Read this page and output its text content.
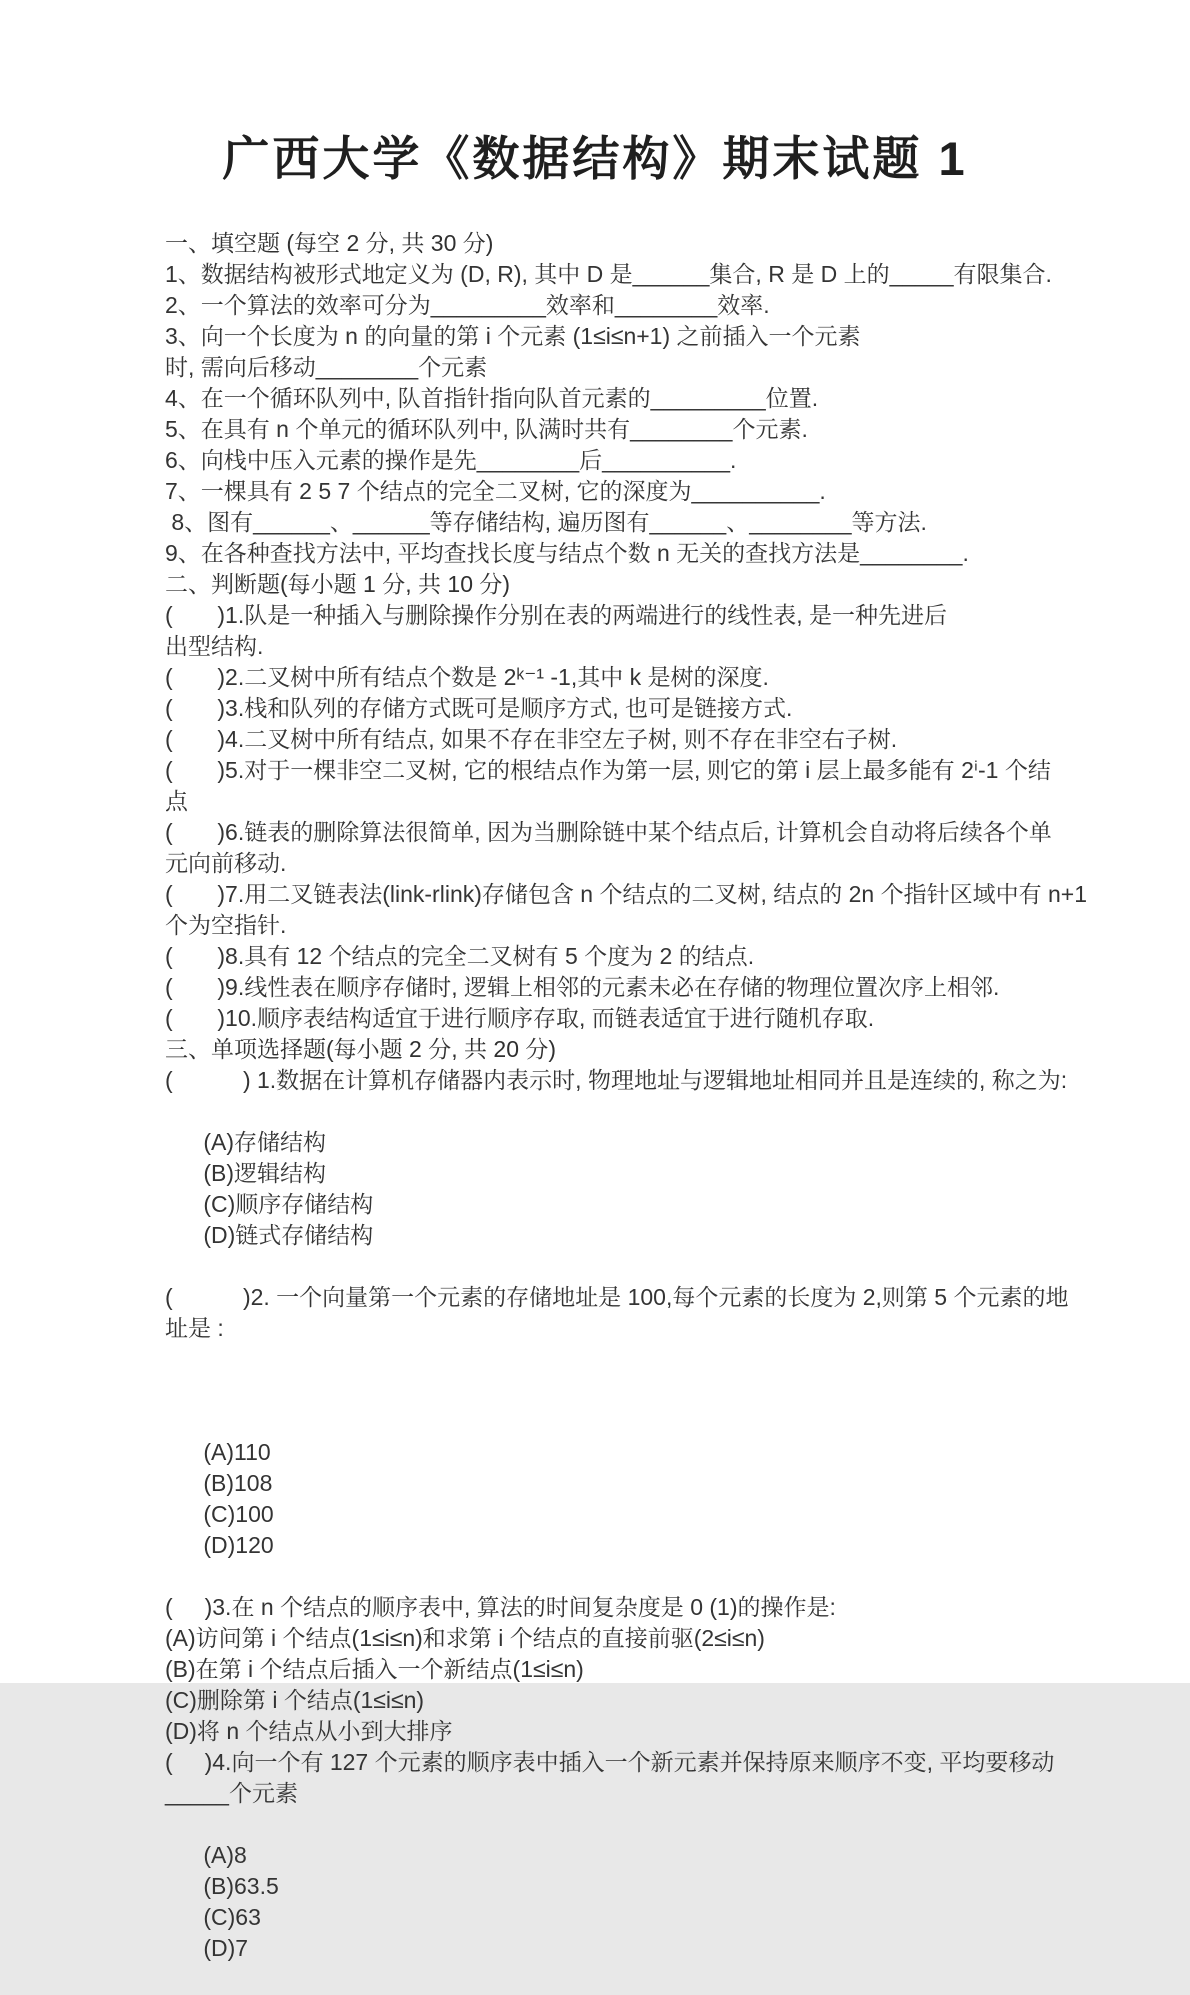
广西大学《数据结构》期末试题 1
一、填空题 (每空 2 分, 共 30 分)
1、数据结构被形式地定义为 (D, R), 其中 D 是______集合, R 是 D 上的_____有限集合.
2、一个算法的效率可分为_________效率和________效率.
3、向一个长度为 n 的向量的第 i 个元素 (1≤i≤n+1) 之前插入一个元素
时, 需向后移动________个元素
4、在一个循环队列中, 队首指针指向队首元素的_________位置.
5、在具有 n 个单元的循环队列中, 队满时共有________个元素.
6、向栈中压入元素的操作是先________后__________.
7、一棵具有 2 5 7 个结点的完全二叉树, 它的深度为__________.
8、图有______、______等存储结构, 遍历图有______、________等方法.
9、在各种查找方法中, 平均查找长度与结点个数 n 无关的查找方法是________.
二、判断题(每小题 1 分, 共 10 分)
(       )1.队是一种插入与删除操作分别在表的两端进行的线性表, 是一种先进后
出型结构.
(       )2.二叉树中所有结点个数是 2ᵏ⁻¹ -1,其中 k 是树的深度.
(       )3.栈和队列的存储方式既可是顺序方式, 也可是链接方式.
(       )4.二叉树中所有结点, 如果不存在非空左子树, 则不存在非空右子树.
(       )5.对于一棵非空二叉树, 它的根结点作为第一层, 则它的第 i 层上最多能有 2ⁱ-1 个结
点
(       )6.链表的删除算法很简单, 因为当删除链中某个结点后, 计算机会自动将后续各个单
元向前移动.
(       )7.用二叉链表法(link-rlink)存储包含 n 个结点的二叉树, 结点的 2n 个指针区域中有 n+1
个为空指针.
(       )8.具有 12 个结点的完全二叉树有 5 个度为 2 的结点.
(       )9.线性表在顺序存储时, 逻辑上相邻的元素未必在存储的物理位置次序上相邻.
(       )10.顺序表结构适宜于进行顺序存取, 而链表适宜于进行随机存取.
三、单项选择题(每小题 2 分, 共 20 分)
(           ) 1.数据在计算机存储器内表示时, 物理地址与逻辑地址相同并且是连续的, 称之为:

(A)存储结构
(B)逻辑结构
(C)顺序存储结构
(D)链式存储结构

(           )2. 一个向量第一个元素的存储地址是 100,每个元素的长度为 2,则第 5 个元素的地
址是 :

(A)110
(B)108
(C)100
(D)120

(     )3.在 n 个结点的顺序表中, 算法的时间复杂度是 0 (1)的操作是:
(A)访问第 i 个结点(1≤i≤n)和求第 i 个结点的直接前驱(2≤i≤n)
(B)在第 i 个结点后插入一个新结点(1≤i≤n)
(C)删除第 i 个结点(1≤i≤n)
(D)将 n 个结点从小到大排序
(     )4.向一个有 127 个元素的顺序表中插入一个新元素并保持原来顺序不变, 平均要移动
_____个元素

(A)8
(B)63.5
(C)63
(D)7
